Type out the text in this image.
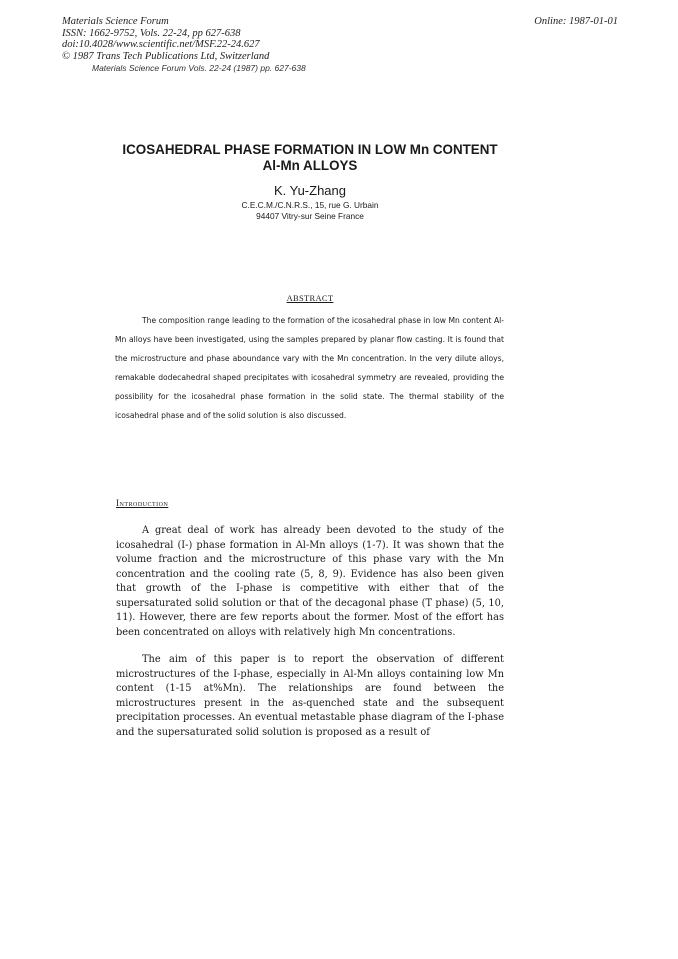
Materials Science Forum
ISSN: 1662-9752, Vols. 22-24, pp 627-638
doi:10.4028/www.scientific.net/MSF.22-24.627
© 1987 Trans Tech Publications Ltd, Switzerland
Online: 1987-01-01
Materials Science Forum Vols. 22-24 (1987) pp. 627-638
ICOSAHEDRAL PHASE FORMATION IN LOW Mn CONTENT
Al-Mn ALLOYS
K. Yu-Zhang
C.E.C.M./C.N.R.S., 15, rue G. Urbain
94407 Vitry-sur Seine France
ABSTRACT

The composition range leading to the formation of the icosahedral phase in low Mn content Al-Mn alloys have been investigated, using the samples prepared by planar flow casting. It is found that the microstructure and phase aboundance vary with the Mn concentration. In the very dilute alloys, remakable dodecahedral shaped precipitates with icosahedral symmetry are revealed, providing the possibility for the icosahedral phase formation in the solid state. The thermal stability of the icosahedral phase and of the solid solution is also discussed.

Introduction

A great deal of work has already been devoted to the study of the icosahedral (I-) phase formation in Al-Mn alloys (1-7). It was shown that the volume fraction and the microstructure of this phase vary with the Mn concentration and the cooling rate (5, 8, 9). Evidence has also been given that growth of the I-phase is competitive with either that of the supersaturated solid solution or that of the decagonal phase (T phase) (5, 10, 11). However, there are few reports about the former. Most of the effort has been concentrated on alloys with relatively high Mn concentrations.

The aim of this paper is to report the observation of different microstructures of the I-phase, especially in Al-Mn alloys containing low Mn content (1-15 at%Mn). The relationships are found between the microstructures present in the as-quenched state and the subsequent precipitation processes. An eventual metastable phase diagram of the I-phase and the supersaturated solid solution is proposed as a result of
